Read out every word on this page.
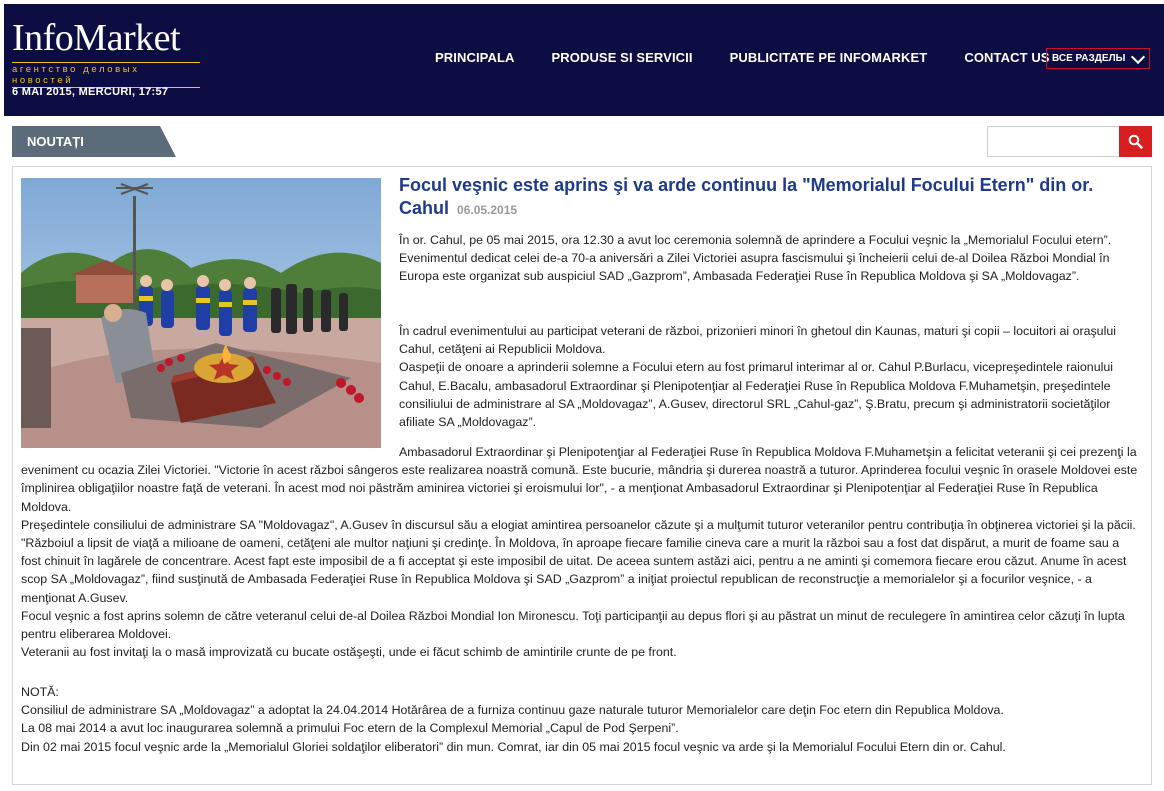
InfoMarket
агентство деловых новостей
6 MAI 2015, MERCURI, 17:57
PRINCIPALA	PRODUSE SI SERVICII	PUBLICITATE PE INFOMARKET	CONTACT US ВСЕ РАЗДЕЛЫ
NOUTAȚI
Focul veşnic este aprins şi va arde continuu la "Memorialul Focului Etern" din or. Cahul 06.05.2015
În or. Cahul, pe 05 mai 2015, ora 12.30 a avut loc ceremonia solemnă de aprindere a Focului veşnic la „Memorialul Focului etern”. Evenimentul dedicat celei de-a 70-a aniversări a Zilei Victoriei asupra fascismului şi încheierii celui de-al Doilea Război Mondial în Europa este organizat sub auspiciul SAD „Gazprom”, Ambasada Federaţiei Ruse în Republica Moldova şi SA „Moldovagaz”.
În cadrul evenimentului au participat veterani de război, prizonieri minori în ghetoul din Kaunas, maturi şi copii – locuitori ai oraşului Cahul, cetăţeni ai Republicii Moldova.
Oaspeţii de onoare a aprinderii solemne a Focului etern au fost primarul interimar al or. Cahul P.Burlacu, vicepreşedintele raionului Cahul, E.Bacalu, ambasadorul Extraordinar şi Plenipotenţiar al Federaţiei Ruse în Republica Moldova F.Muhametşin, preşedintele consiliului de administrare al SA „Moldovagaz”, A.Gusev, directorul SRL „Cahul-gaz”, Ş.Bratu, precum şi administratorii societăţilor afiliate SA „Moldovagaz”.
Ambasadorul Extraordinar şi Plenipotenţiar al Federaţiei Ruse în Republica Moldova F.Muhametşin a felicitat veteranii şi cei prezenţi la eveniment cu ocazia Zilei Victoriei. "Victorie în acest război sângeros este realizarea noastră comună. Este bucurie, mândria şi durerea noastră a tuturor. Aprinderea focului veşnic în orasele Moldovei este împlinirea obligaţiilor noastre faţă de veterani. În acest mod noi păstrăm aminirea victoriei şi eroismului lor", - a menţionat Ambasadorul Extraordinar şi Plenipotenţiar al Federaţiei Ruse în Republica Moldova.
Preşedintele consiliului de administrare SA "Moldovagaz", A.Gusev în discursul său a elogiat amintirea persoanelor căzute şi a mulţumit tuturor veteranilor pentru contribuţia în obţinerea victoriei şi la păcii. "Războiul a lipsit de viaţă a milioane de oameni, cetăţeni ale multor naţiuni şi credinţe. În Moldova, în aproape fiecare familie cineva care a murit la război sau a fost dat dispărut, a murit de foame sau a fost chinuit în lagărele de concentrare. Acest fapt este imposibil de a fi acceptat şi este imposibil de uitat. De aceea suntem astăzi aici, pentru a ne aminti şi comemora fiecare erou căzut. Anume în acest scop SA „Moldovagaz”, fiind susţinută de Ambasada Federaţiei Ruse în Republica Moldova şi SAD „Gazprom” a iniţiat proiectul republican de reconstrucţie a memorialelor şi a focurilor veşnice, - a menţionat A.Gusev.
Focul veşnic a fost aprins solemn de către veteranul celui de-al Doilea Război Mondial Ion Mironescu. Toţi participanţii au depus flori şi au păstrat un minut de reculegere în amintirea celor căzuţi în lupta pentru eliberarea Moldovei.
Veteranii au fost invitaţi la o masă improvizată cu bucate ostăşeşti, unde ei făcut schimb de amintirile crunte de pe front.
NOTĂ:
Consiliul de administrare SA „Moldovagaz” a adoptat la 24.04.2014 Hotărârea de a furniza continuu gaze naturale tuturor Memorialelor care deţin Foc etern din Republica Moldova.
La 08 mai 2014 a avut loc inaugurarea solemnă a primului Foc etern de la Complexul Memorial „Capul de Pod Şerpeni”.
Din 02 mai 2015 focul veşnic arde la „Memorialul Gloriei soldaţilor eliberatori” din mun. Comrat, iar din 05 mai 2015 focul veşnic va arde şi la Memorialul Focului Etern din or. Cahul.
